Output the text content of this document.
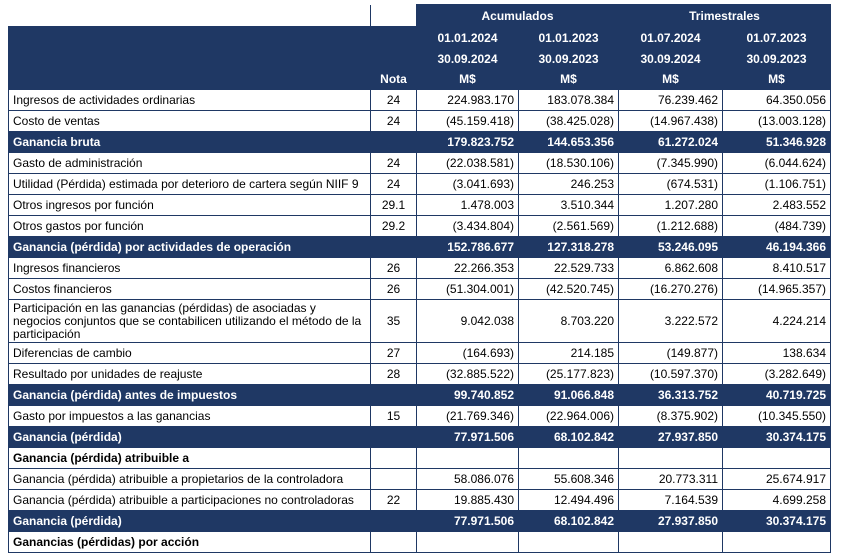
		Acumulados		Trimestrales	
		01.01.2024	01.01.2023	01.07.2024	01.07.2023
		30.09.2024	30.09.2023	30.09.2024	30.09.2023
	Nota	M$	M$	M$	M$
Ingresos de actividades ordinarias	24	224.983.170	183.078.384	76.239.462	64.350.056
Costo de ventas	24	(45.159.418)	(38.425.028)	(14.967.438)	(13.003.128)
Ganancia bruta		179.823.752	144.653.356	61.272.024	51.346.928
Gasto de administración	24	(22.038.581)	(18.530.106)	(7.345.990)	(6.044.624)
Utilidad (Pérdida) estimada por deterioro de cartera según NIIF 9	24	(3.041.693)	246.253	(674.531)	(1.106.751)
Otros ingresos por función	29.1	1.478.003	3.510.344	1.207.280	2.483.552
Otros gastos por función	29.2	(3.434.804)	(2.561.569)	(1.212.688)	(484.739)
Ganancia (pérdida) por actividades de operación		152.786.677	127.318.278	53.246.095	46.194.366
Ingresos financieros	26	22.266.353	22.529.733	6.862.608	8.410.517
Costos financieros	26	(51.304.001)	(42.520.745)	(16.270.276)	(14.965.357)
Participación en las ganancias (pérdidas) de asociadas y negocios conjuntos que se contabilicen utilizando el método de la participación	35	9.042.038	8.703.220	3.222.572	4.224.214
Diferencias de cambio	27	(164.693)	214.185	(149.877)	138.634
Resultado por unidades de reajuste	28	(32.885.522)	(25.177.823)	(10.597.370)	(3.282.649)
Ganancia (pérdida) antes de impuestos		99.740.852	91.066.848	36.313.752	40.719.725
Gasto por impuestos a las ganancias	15	(21.769.346)	(22.964.006)	(8.375.902)	(10.345.550)
Ganancia (pérdida)		77.971.506	68.102.842	27.937.850	30.374.175
Ganancia (pérdida) atribuible a					
Ganancia (pérdida) atribuible a propietarios de la controladora		58.086.076	55.608.346	20.773.311	25.674.917
Ganancia (pérdida) atribuible a participaciones no controladoras	22	19.885.430	12.494.496	7.164.539	4.699.258
Ganancia (pérdida)		77.971.506	68.102.842	27.937.850	30.374.175
Ganancias (pérdidas) por acción					
